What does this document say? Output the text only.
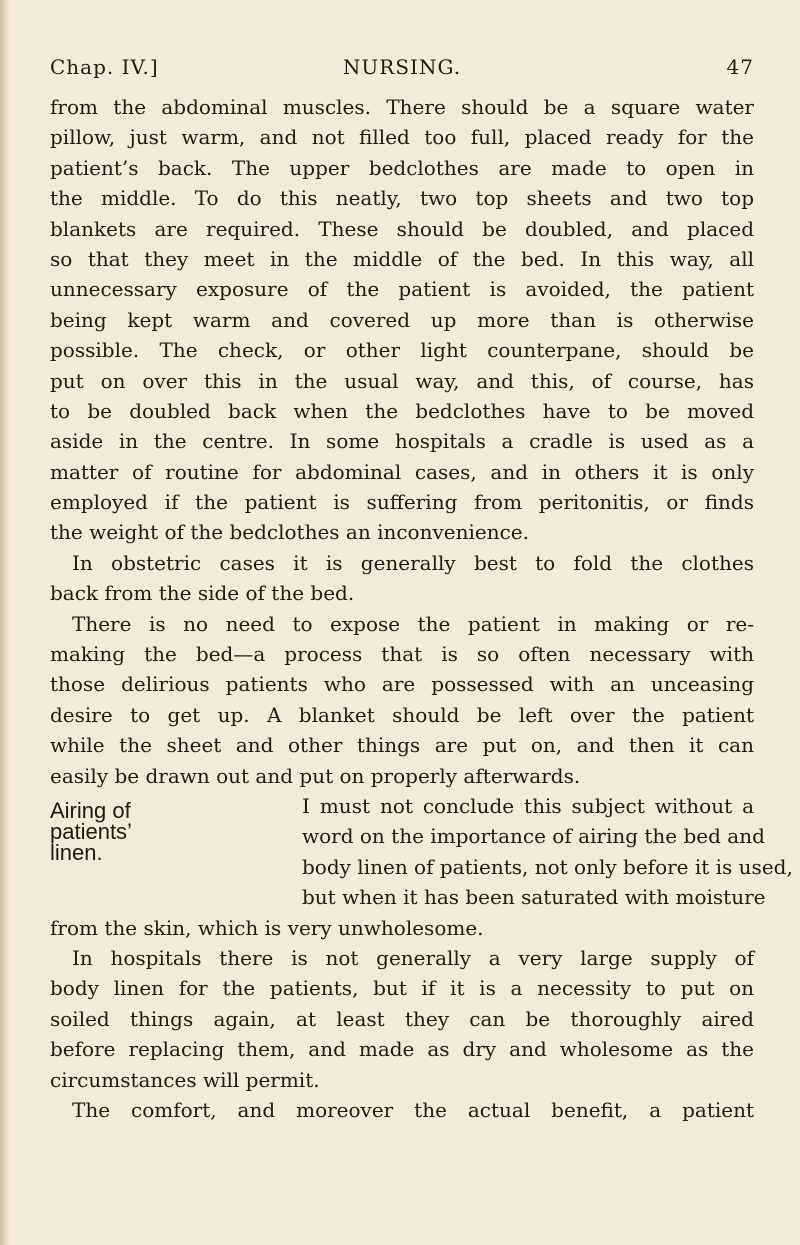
Chap. IV.]	NURSING.	47
Airing of
patients’
linen.
from the abdominal muscles. There should be a square water
pillow, just warm, and not filled too full, placed ready for the
patient’s back. The upper bedclothes are made to open in
the middle. To do this neatly, two top sheets and two top
blankets are required. These should be doubled, and placed
so that they meet in the middle of the bed. In this way, all
unnecessary exposure of the patient is avoided, the patient
being kept warm and covered up more than is otherwise
possible. The check, or other light counterpane, should be
put on over this in the usual way, and this, of course, has
to be doubled back when the bedclothes have to be moved
aside in the centre. In some hospitals a cradle is used as a
matter of routine for abdominal cases, and in others it is only
employed if the patient is suffering from peritonitis, or finds
the weight of the bedclothes an inconvenience.
In obstetric cases it is generally best to fold the clothes
back from the side of the bed.
There is no need to expose the patient in making or re-
making the bed—a process that is so often necessary with
those delirious patients who are possessed with an unceasing
desire to get up. A blanket should be left over the patient
while the sheet and other things are put on, and then it can
easily be drawn out and put on properly afterwards.
I must not conclude this subject without a
word on the importance of airing the bed and
body linen of patients, not only before it is used,
but when it has been saturated with moisture
from the skin, which is very unwholesome.
In hospitals there is not generally a very large supply of
body linen for the patients, but if it is a necessity to put on
soiled things again, at least they can be thoroughly aired
before replacing them, and made as dry and wholesome as the
circumstances will permit.
The comfort, and moreover the actual benefit, a patient
